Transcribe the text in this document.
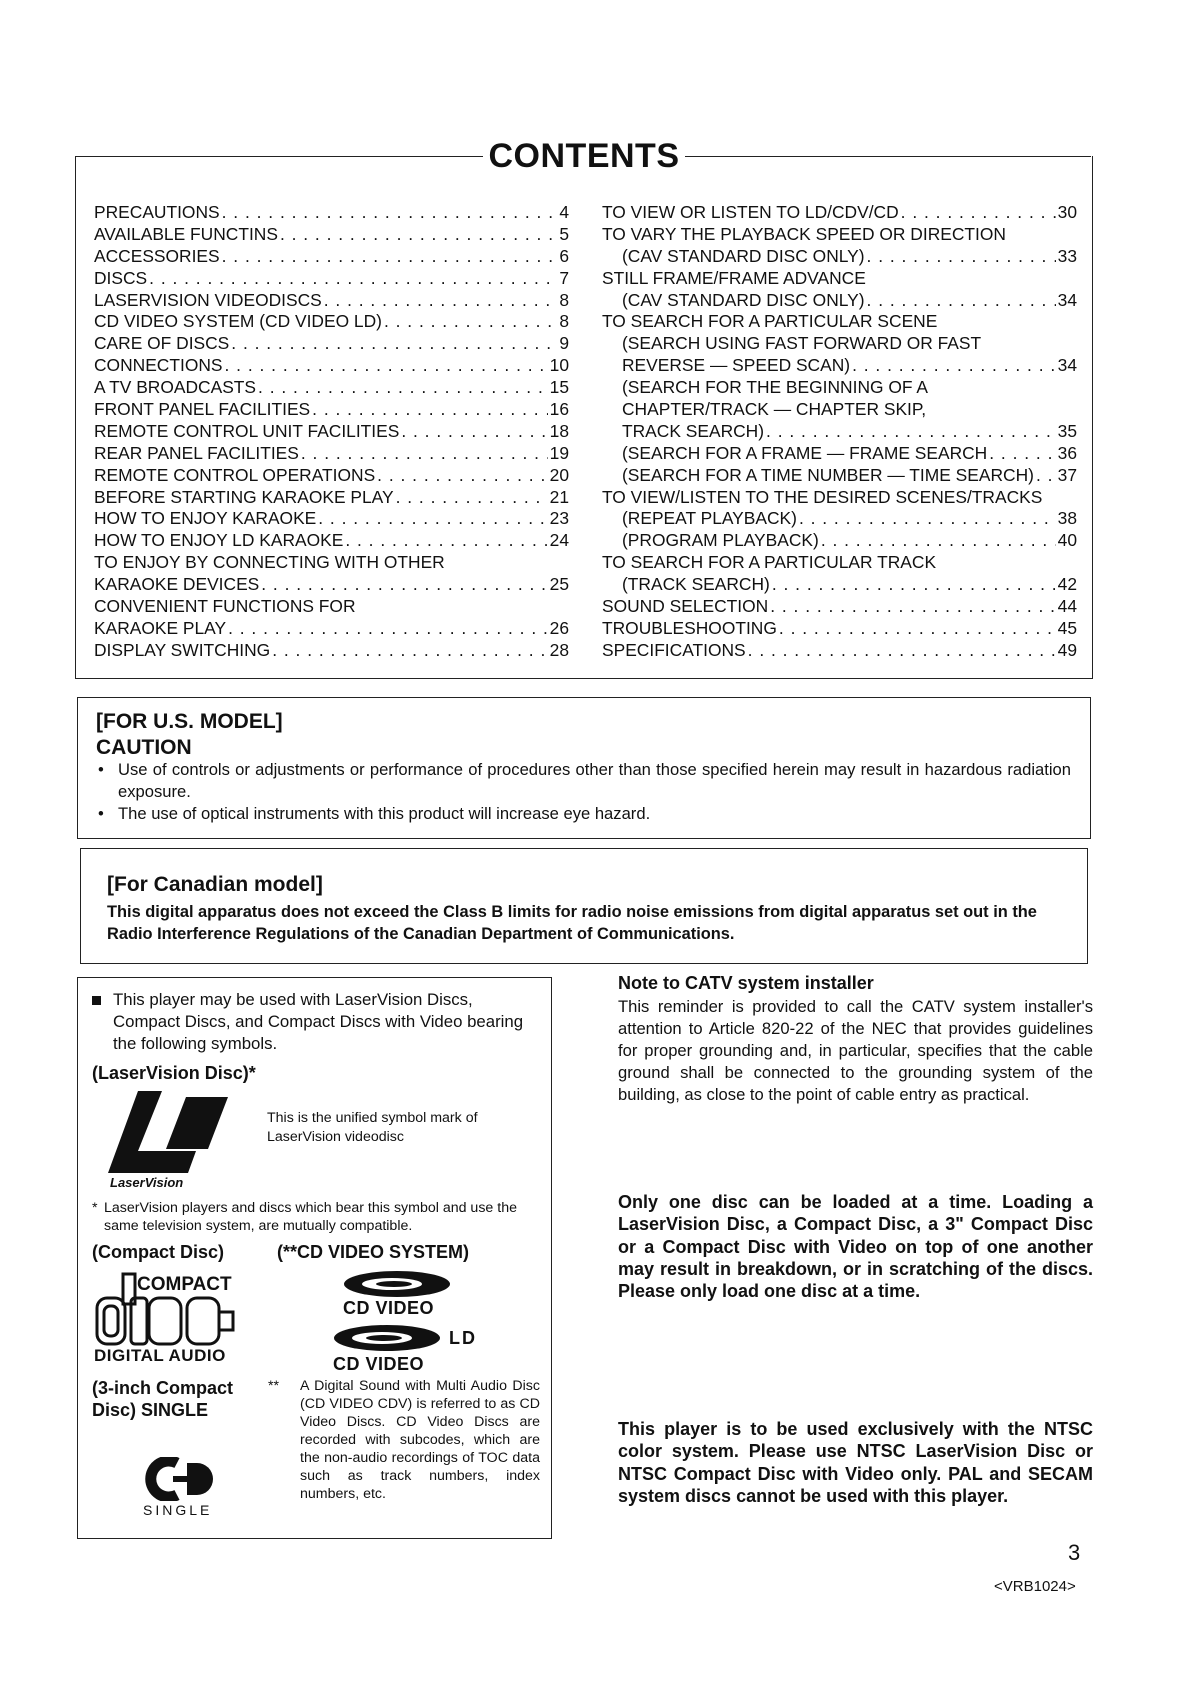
CONTENTS
PRECAUTIONS . . .	4
AVAILABLE FUNCTINS . . .	5
ACCESSORIES . . .	6
DISCS . . .	7
LASERVISION VIDEODISCS . . .	8
CD VIDEO SYSTEM (CD VIDEO LD) . . .	8
CARE OF DISCS . . .	9
CONNECTIONS . . .	10
A TV BROADCASTS . . .	15
FRONT PANEL FACILITIES . . .	16
REMOTE CONTROL UNIT FACILITIES . . .	18
REAR PANEL FACILITIES . . .	19
REMOTE CONTROL OPERATIONS . . .	20
BEFORE STARTING KARAOKE PLAY . . .	21
HOW TO ENJOY KARAOKE . . .	23
HOW TO ENJOY LD KARAOKE . . .	24
TO ENJOY BY CONNECTING WITH OTHER
KARAOKE DEVICES . . .	25
CONVENIENT FUNCTIONS FOR
KARAOKE PLAY . . .	26
DISPLAY SWITCHING . . .	28
TO VIEW OR LISTEN TO LD/CDV/CD . . .	30
TO VARY THE PLAYBACK SPEED OR DIRECTION
(CAV STANDARD DISC ONLY) . . .	33
STILL FRAME/FRAME ADVANCE
(CAV STANDARD DISC ONLY) . . .	34
TO SEARCH FOR A PARTICULAR SCENE
(SEARCH USING FAST FORWARD OR FAST
REVERSE — SPEED SCAN) . . .	34
(SEARCH FOR THE BEGINNING OF A
CHAPTER/TRACK — CHAPTER SKIP,
TRACK SEARCH) . . .	35
(SEARCH FOR A FRAME — FRAME SEARCH . . .	36
(SEARCH FOR A TIME NUMBER — TIME SEARCH) . . . 37
TO VIEW/LISTEN TO THE DESIRED SCENES/TRACKS
(REPEAT PLAYBACK) . . .	38
(PROGRAM PLAYBACK) . . .	40
TO SEARCH FOR A PARTICULAR TRACK
(TRACK SEARCH) . . .	42
SOUND SELECTION . . .	44
TROUBLESHOOTING . . .	45
SPECIFICATIONS . . .	49
[FOR U.S. MODEL]
CAUTION
• Use of controls or adjustments or performance of procedures other than those specified herein may result in hazardous radiation exposure.
• The use of optical instruments with this product will increase eye hazard.
[For Canadian model]
This digital apparatus does not exceed the Class B limits for radio noise emissions from digital apparatus set out in the Radio Interference Regulations of the Canadian Department of Communications.
This player may be used with LaserVision Discs, Compact Discs, and Compact Discs with Video bearing the following symbols.
(LaserVision Disc)*
LaserVision
This is the unified symbol mark of LaserVision videodisc
* LaserVision players and discs which bear this symbol and use the same television system, are mutually compatible.
(Compact Disc)	(**CD VIDEO SYSTEM)
COMPACT
DIGITAL AUDIO
CD VIDEO
LD
CD VIDEO
(3-inch Compact Disc) SINGLE
SINGLE
**	A Digital Sound with Multi Audio Disc (CD VIDEO CDV) is referred to as CD Video Discs. CD Video Discs are recorded with subcodes, which are the non-audio recordings of TOC data such as track numbers, index numbers, etc.
Note to CATV system installer
This reminder is provided to call the CATV system installer's attention to Article 820-22 of the NEC that provides guidelines for proper grounding and, in particular, specifies that the cable ground shall be connected to the grounding system of the building, as close to the point of cable entry as practical.
Only one disc can be loaded at a time. Loading a LaserVision Disc, a Compact Disc, a 3" Compact Disc or a Compact Disc with Video on top of one another may result in breakdown, or in scratching of the discs. Please only load one disc at a time.
This player is to be used exclusively with the NTSC color system. Please use NTSC LaserVision Disc or NTSC Compact Disc with Video only. PAL and SECAM system discs cannot be used with this player.
3
<VRB1024>
